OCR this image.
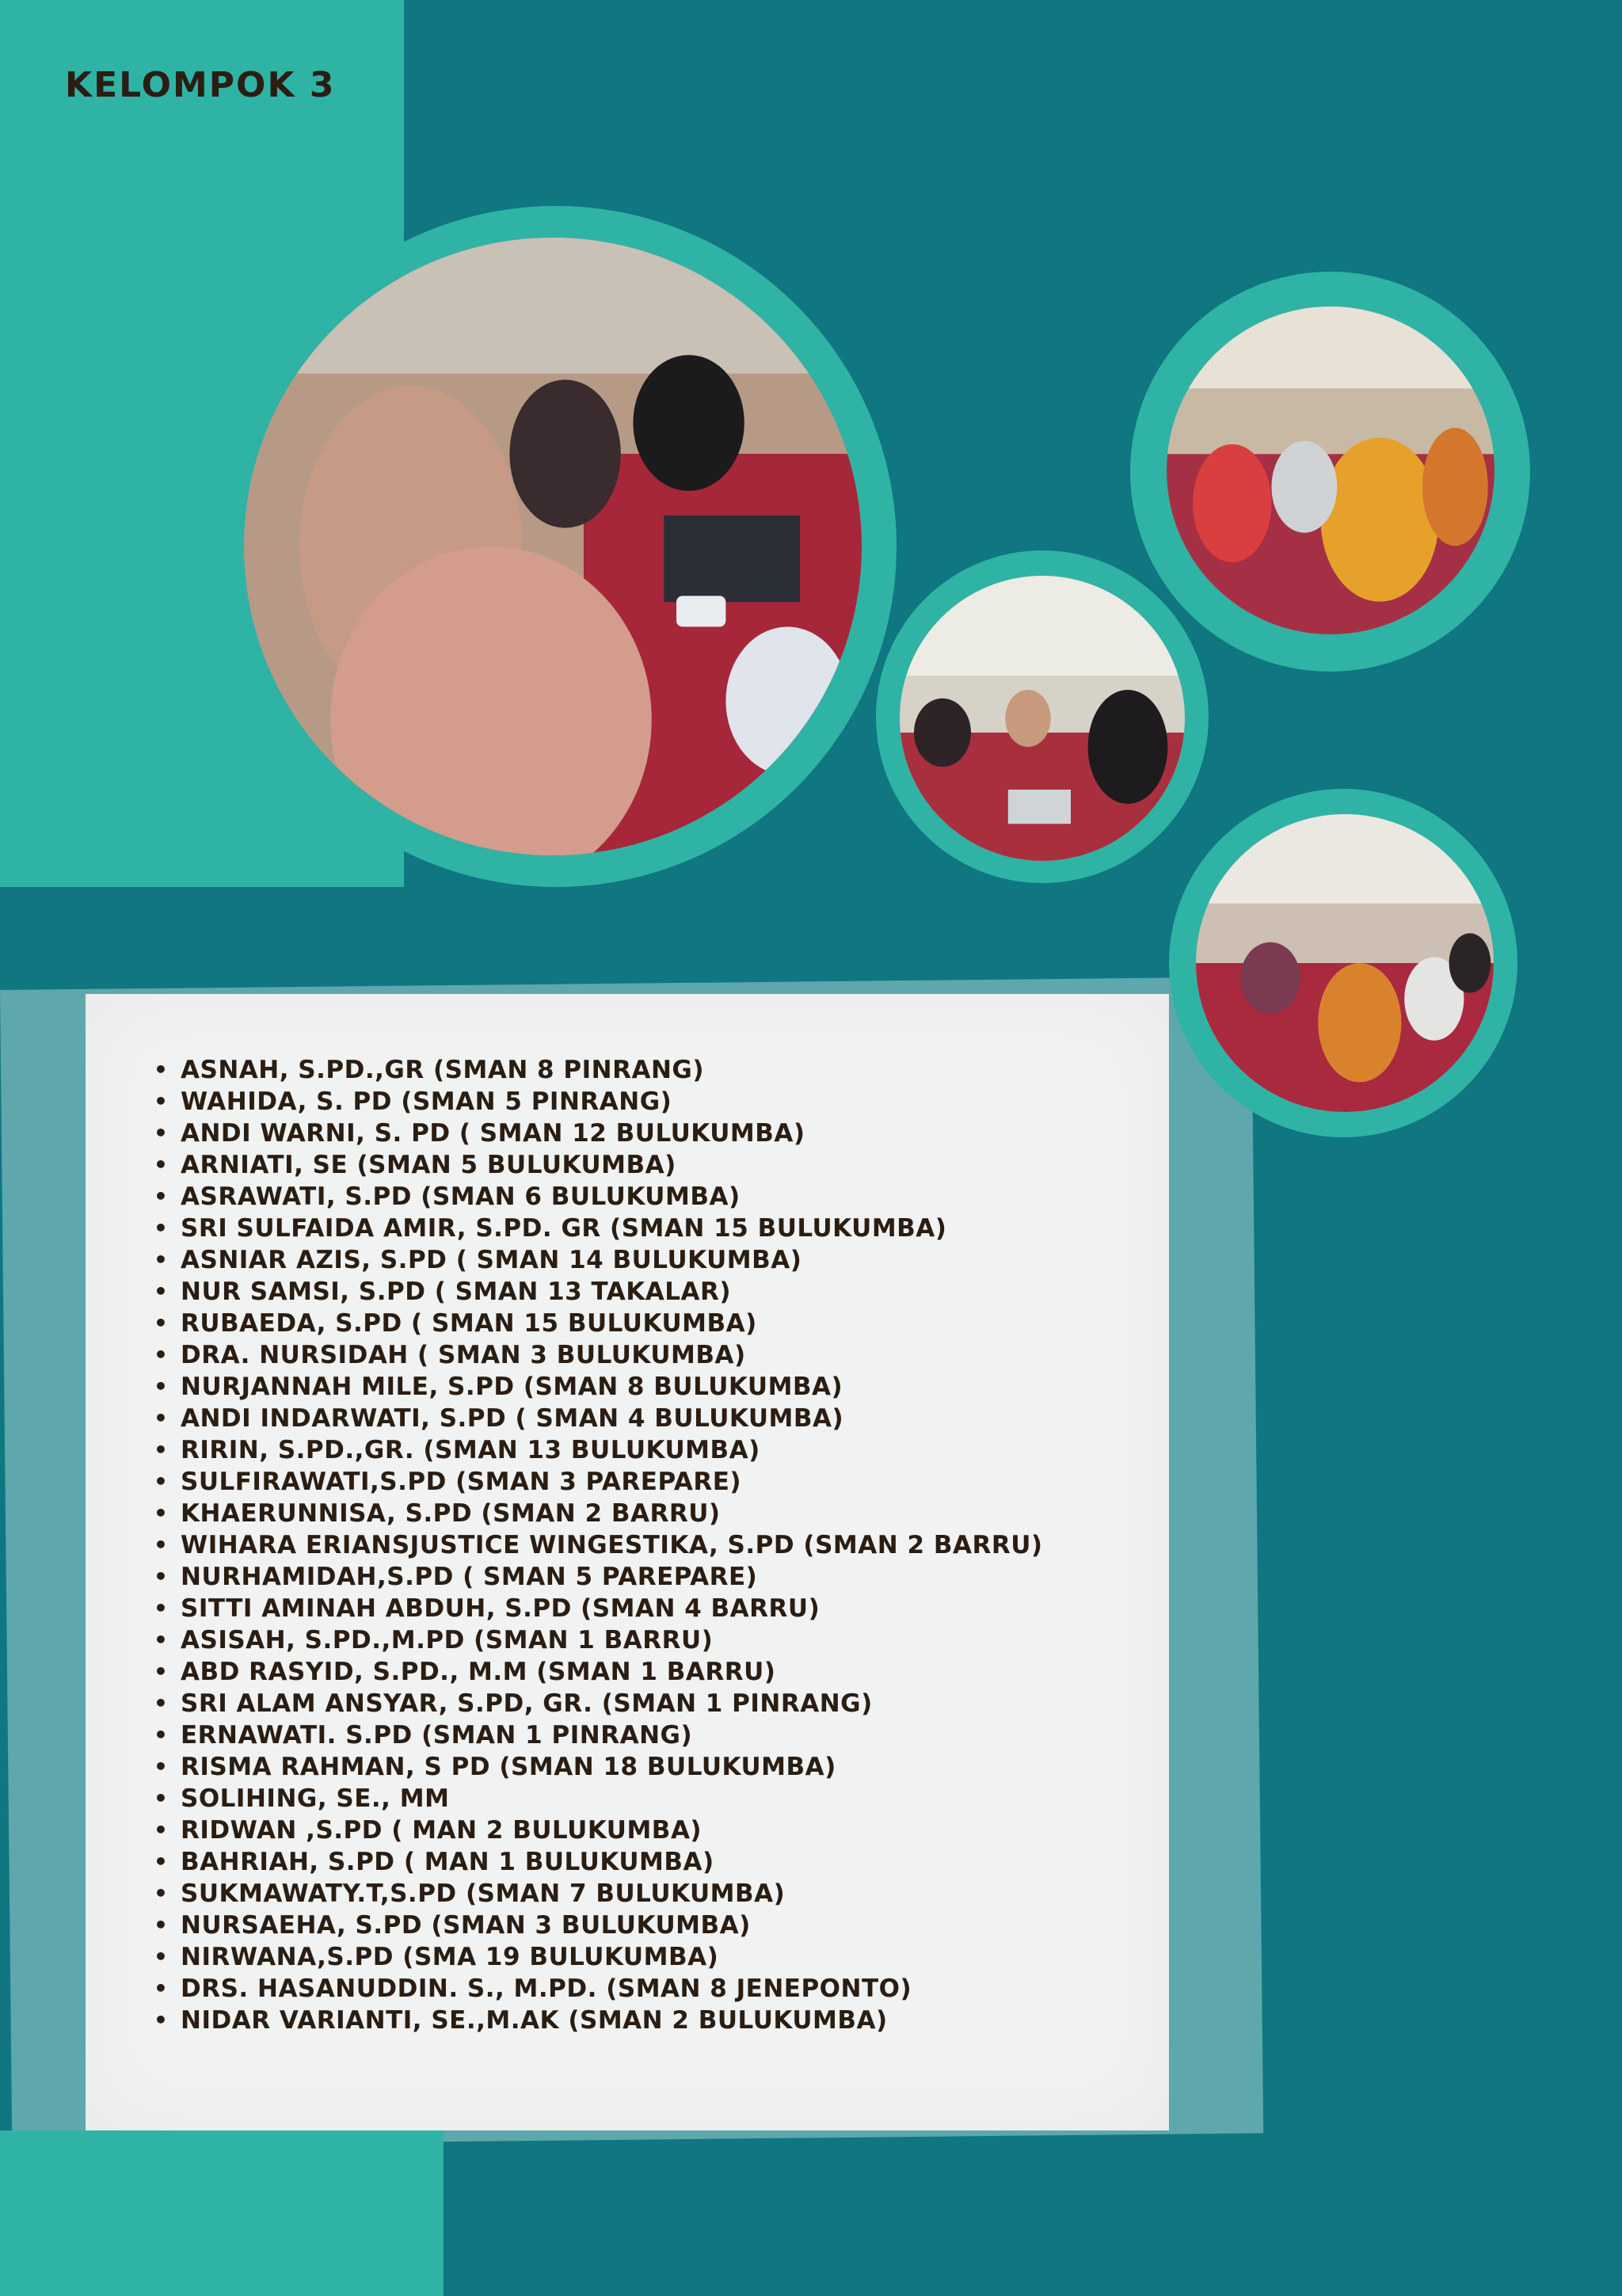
KELOMPOK 3
• ASNAH, S.PD.,GR (SMAN 8 PINRANG)
• WAHIDA, S. PD (SMAN 5 PINRANG)
• ANDI WARNI, S. PD ( SMAN 12 BULUKUMBA)
• ARNIATI, SE (SMAN 5 BULUKUMBA)
• ASRAWATI, S.PD (SMAN 6 BULUKUMBA)
• SRI SULFAIDA AMIR, S.PD. GR (SMAN 15 BULUKUMBA)
• ASNIAR AZIS, S.PD ( SMAN 14 BULUKUMBA)
• NUR SAMSI, S.PD ( SMAN 13 TAKALAR)
• RUBAEDA, S.PD ( SMAN 15 BULUKUMBA)
• DRA. NURSIDAH ( SMAN 3 BULUKUMBA)
• NURJANNAH MILE, S.PD (SMAN 8 BULUKUMBA)
• ANDI INDARWATI, S.PD ( SMAN 4 BULUKUMBA)
• RIRIN, S.PD.,GR. (SMAN 13 BULUKUMBA)
• SULFIRAWATI,S.PD (SMAN 3 PAREPARE)
• KHAERUNNISA, S.PD (SMAN 2 BARRU)
• WIHARA ERIANSJUSTICE WINGESTIKA, S.PD (SMAN 2 BARRU)
• NURHAMIDAH,S.PD ( SMAN 5 PAREPARE)
• SITTI AMINAH ABDUH, S.PD (SMAN 4 BARRU)
• ASISAH, S.PD.,M.PD (SMAN 1 BARRU)
• ABD RASYID, S.PD., M.M (SMAN 1 BARRU)
• SRI ALAM ANSYAR, S.PD, GR. (SMAN 1 PINRANG)
• ERNAWATI. S.PD (SMAN 1 PINRANG)
• RISMA RAHMAN, S PD (SMAN 18 BULUKUMBA)
• SOLIHING, SE., MM
• RIDWAN ,S.PD ( MAN 2 BULUKUMBA)
• BAHRIAH, S.PD ( MAN 1 BULUKUMBA)
• SUKMAWATY.T,S.PD (SMAN 7 BULUKUMBA)
• NURSAEHA, S.PD (SMAN 3 BULUKUMBA)
• NIRWANA,S.PD (SMA 19 BULUKUMBA)
• DRS. HASANUDDIN. S., M.PD. (SMAN 8 JENEPONTO)
• NIDAR VARIANTI, SE.,M.AK (SMAN 2 BULUKUMBA)
